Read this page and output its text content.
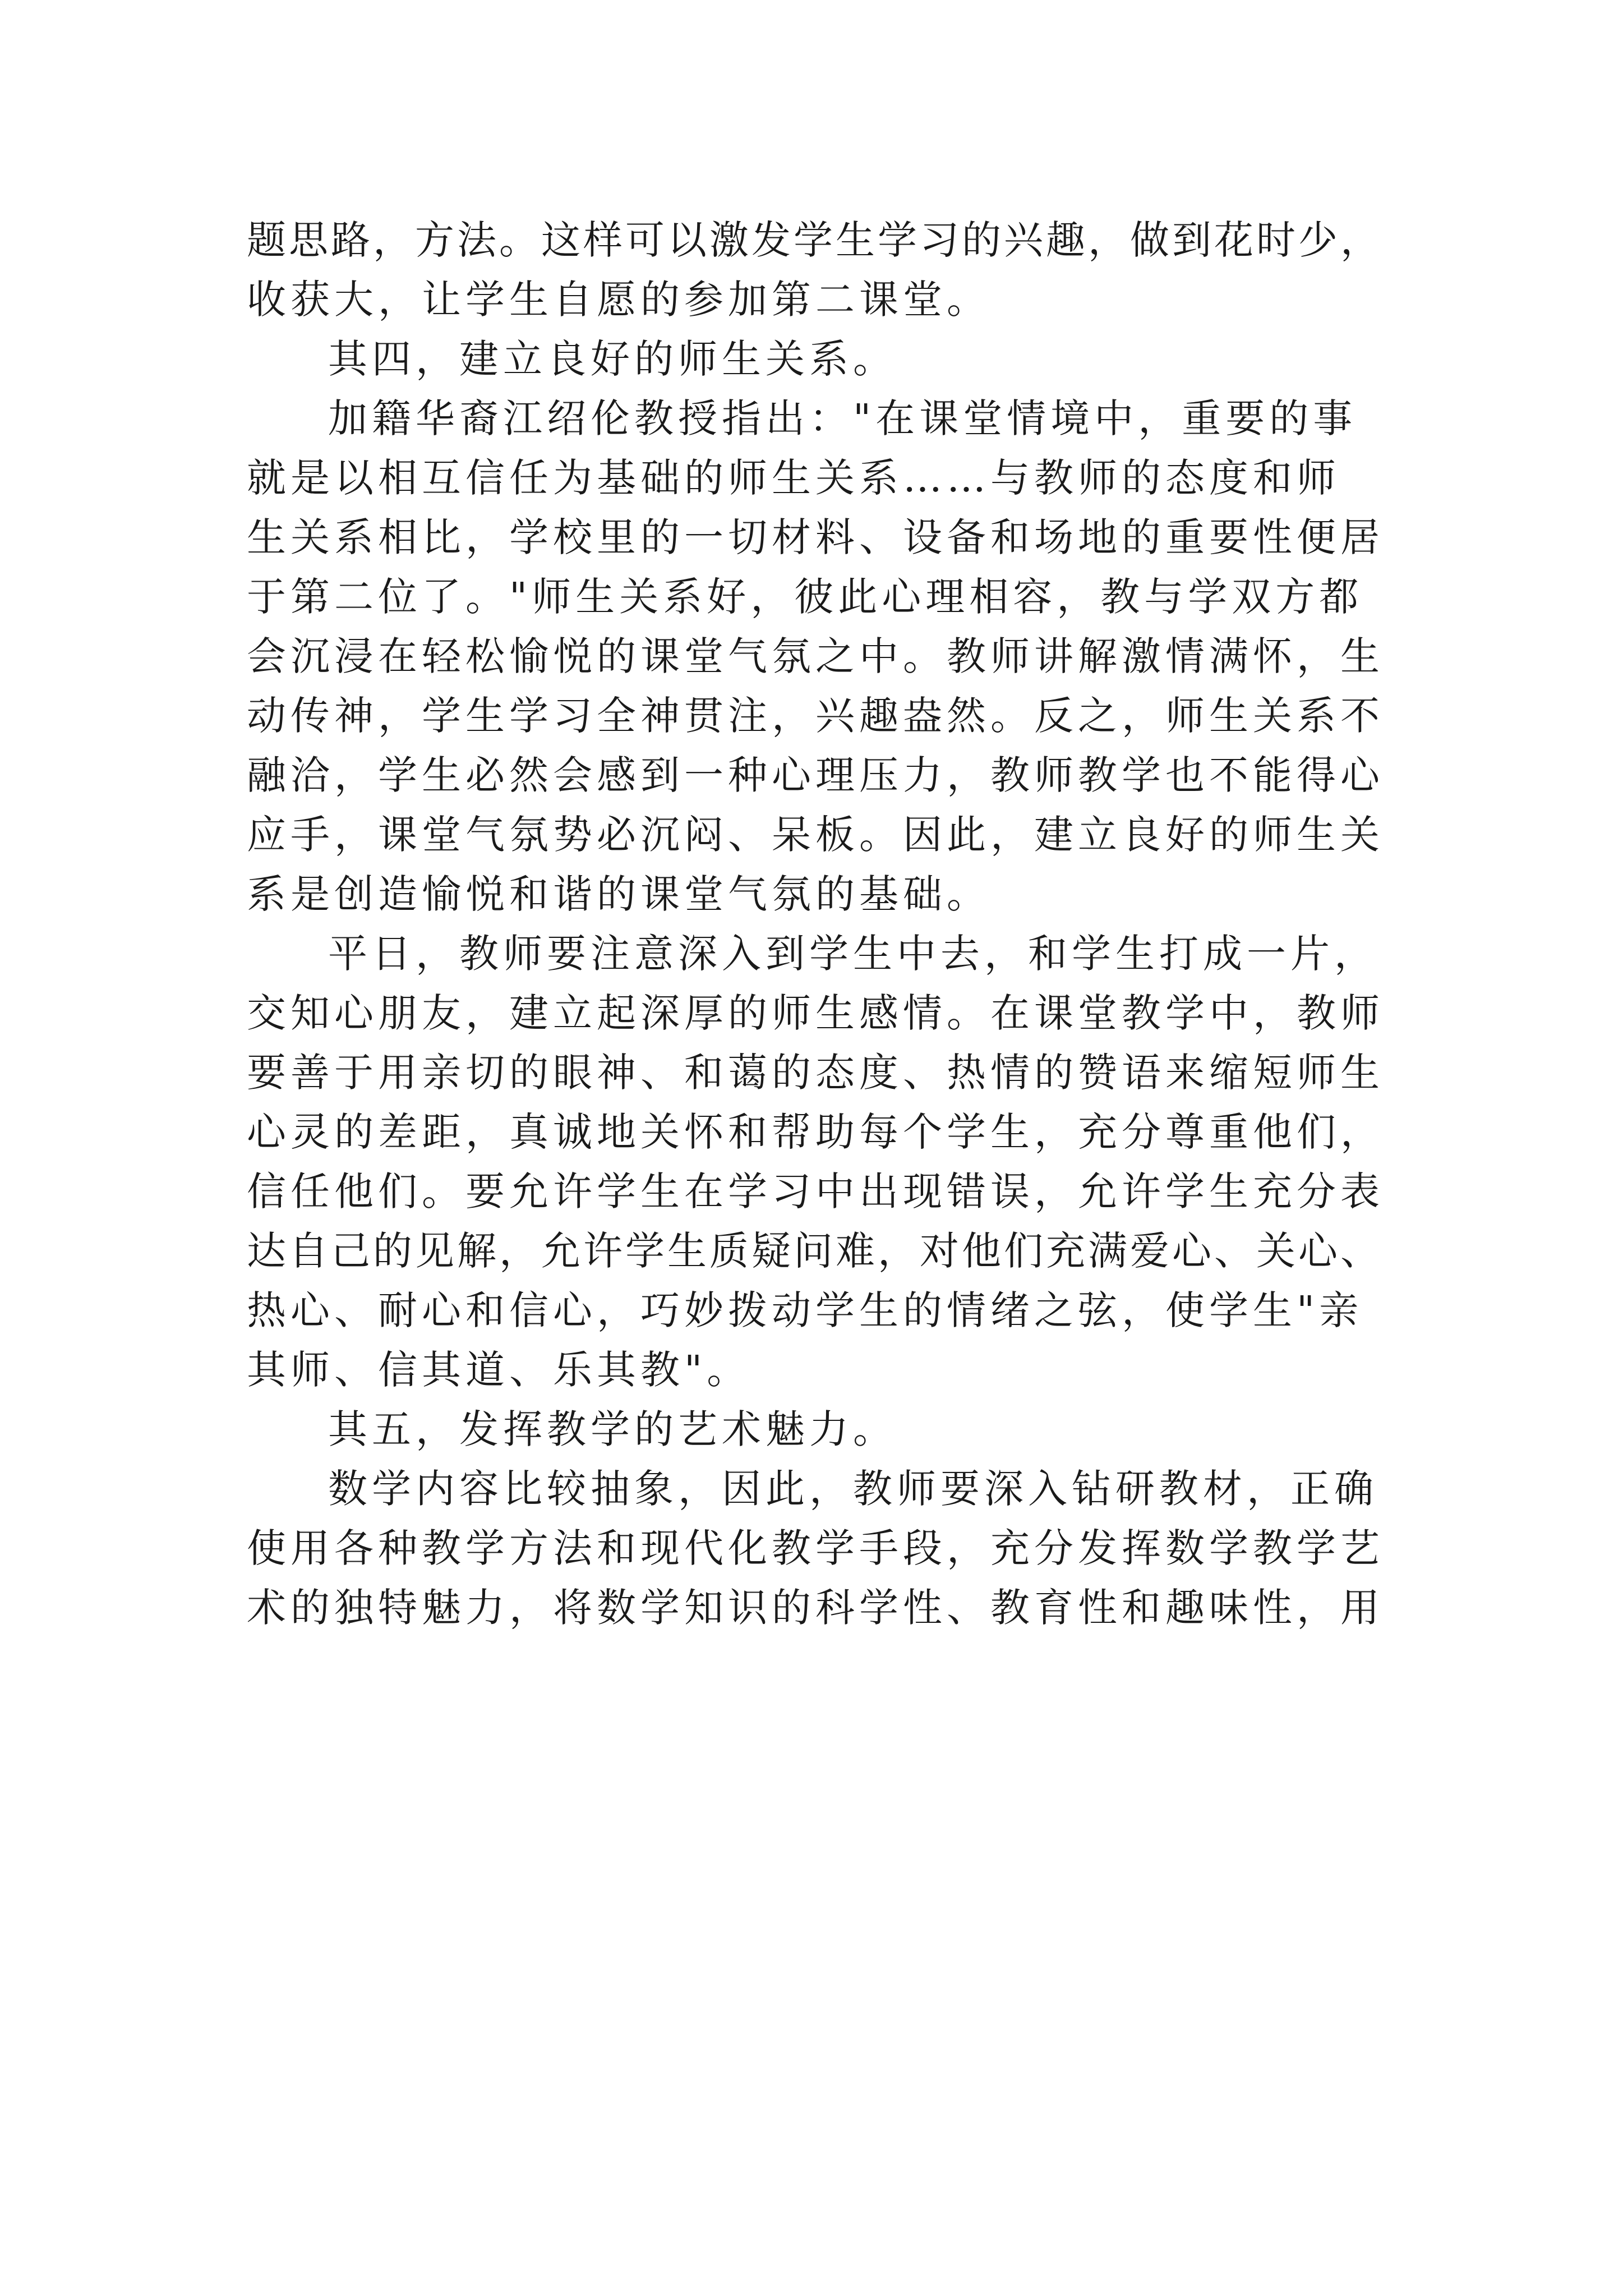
题思路，方法。这样可以激发学生学习的兴趣，做到花时少，
收获大，让学生自愿的参加第二课堂。
其四，建立良好的师生关系。
加籍华裔江绍伦教授指出："在课堂情境中，重要的事
就是以相互信任为基础的师生关系……与教师的态度和师
生关系相比，学校里的一切材料、设备和场地的重要性便居
于第二位了。"师生关系好，彼此心理相容，教与学双方都
会沉浸在轻松愉悦的课堂气氛之中。教师讲解激情满怀，生
动传神，学生学习全神贯注，兴趣盎然。反之，师生关系不
融洽，学生必然会感到一种心理压力，教师教学也不能得心
应手，课堂气氛势必沉闷、呆板。因此，建立良好的师生关
系是创造愉悦和谐的课堂气氛的基础。
平日，教师要注意深入到学生中去，和学生打成一片，
交知心朋友，建立起深厚的师生感情。在课堂教学中，教师
要善于用亲切的眼神、和蔼的态度、热情的赞语来缩短师生
心灵的差距，真诚地关怀和帮助每个学生，充分尊重他们，
信任他们。要允许学生在学习中出现错误，允许学生充分表
达自己的见解，允许学生质疑问难，对他们充满爱心、关心、
热心、耐心和信心，巧妙拨动学生的情绪之弦，使学生"亲
其师、信其道、乐其教"。
其五，发挥教学的艺术魅力。
数学内容比较抽象，因此，教师要深入钻研教材，正确
使用各种教学方法和现代化教学手段，充分发挥数学教学艺
术的独特魅力，将数学知识的科学性、教育性和趣味性，用
